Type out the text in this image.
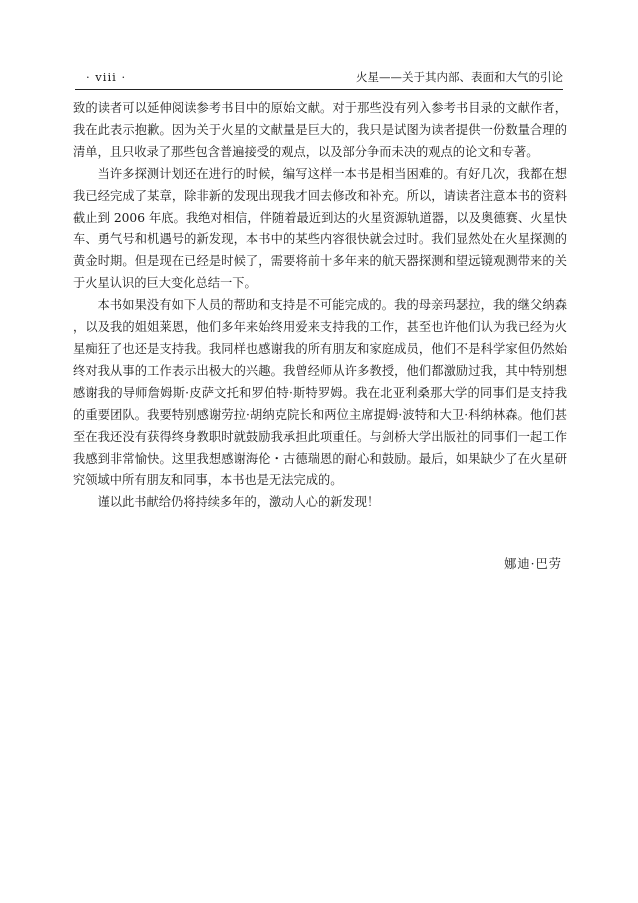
· viii ·	火星——关于其内部、表面和大气的引论

致的读者可以延伸阅读参考书目中的原始文献。对于那些没有列入参考书目录的文献作者，我在此表示抱歉。因为关于火星的文献量是巨大的，我只是试图为读者提供一份数量合理的清单，且只收录了那些包含普遍接受的观点，以及部分争而未决的观点的论文和专著。

当许多探测计划还在进行的时候，编写这样一本书是相当困难的。有好几次，我都在想我已经完成了某章，除非新的发现出现我才回去修改和补充。所以，请读者注意本书的资料截止到 2006 年底。我绝对相信，伴随着最近到达的火星资源轨道器，以及奥德赛、火星快车、勇气号和机遇号的新发现，本书中的某些内容很快就会过时。我们显然处在火星探测的黄金时期。但是现在已经是时候了，需要将前十多年来的航天器探测和望远镜观测带来的关于火星认识的巨大变化总结一下。

本书如果没有如下人员的帮助和支持是不可能完成的。我的母亲玛瑟拉，我的继父纳森，以及我的姐姐莱恩，他们多年来始终用爱来支持我的工作，甚至也许他们认为我已经为火星痴狂了也还是支持我。我同样也感谢我的所有朋友和家庭成员，他们不是科学家但仍然始终对我从事的工作表示出极大的兴趣。我曾经师从许多教授，他们都激励过我，其中特别想感谢我的导师詹姆斯·皮萨文托和罗伯特·斯特罗姆。我在北亚利桑那大学的同事们是支持我的重要团队。我要特别感谢劳拉·胡纳克院长和两位主席提姆·波特和大卫·科纳林森。他们甚至在我还没有获得终身教职时就鼓励我承担此项重任。与剑桥大学出版社的同事们一起工作我感到非常愉快。这里我想感谢海伦・古德瑞恩的耐心和鼓励。最后，如果缺少了在火星研究领域中所有朋友和同事，本书也是无法完成的。

谨以此书献给仍将持续多年的，激动人心的新发现！

娜迪·巴劳
